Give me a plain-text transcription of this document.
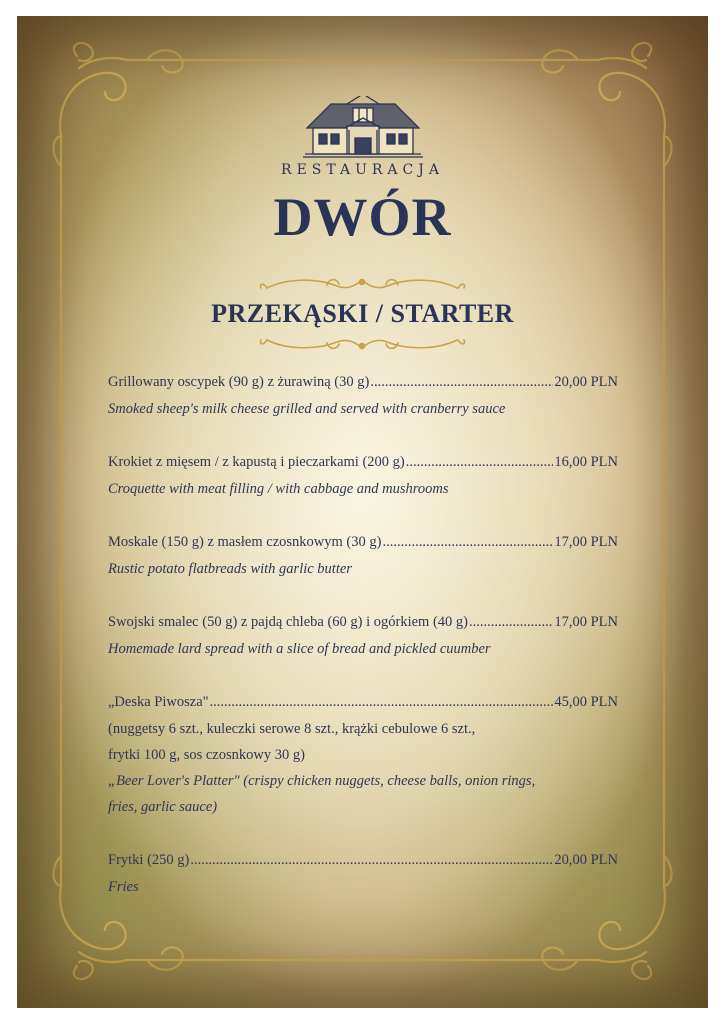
RESTAURACJA
DWÓR
PRZEKĄSKI / STARTER
Grillowany oscypek (90 g) z żurawiną (30 g) .....	20,00 PLN
Smoked sheep's milk cheese grilled and served with cranberry sauce
Krokiet z mięsem / z kapustą i pieczarkami (200 g) .....	16,00 PLN
Croquette with meat filling / with cabbage and mushrooms
Moskale (150 g) z masłem czosnkowym (30 g) .....	17,00 PLN
Rustic potato flatbreads with garlic butter
Swojski smalec (50 g) z pajdą chleba (60 g) i ogórkiem (40 g) .....	17,00 PLN
Homemade lard spread with a slice of bread and pickled cuumber
„Deska Piwosza" .....	45,00 PLN
(nuggetsy 6 szt., kuleczki serowe 8 szt., krążki cebulowe 6 szt.,
frytki 100 g, sos czosnkowy 30 g)
„Beer Lover's Platter" (crispy chicken nuggets, cheese balls, onion rings,
fries, garlic sauce)
Frytki (250 g) .....	20,00 PLN
Fries
